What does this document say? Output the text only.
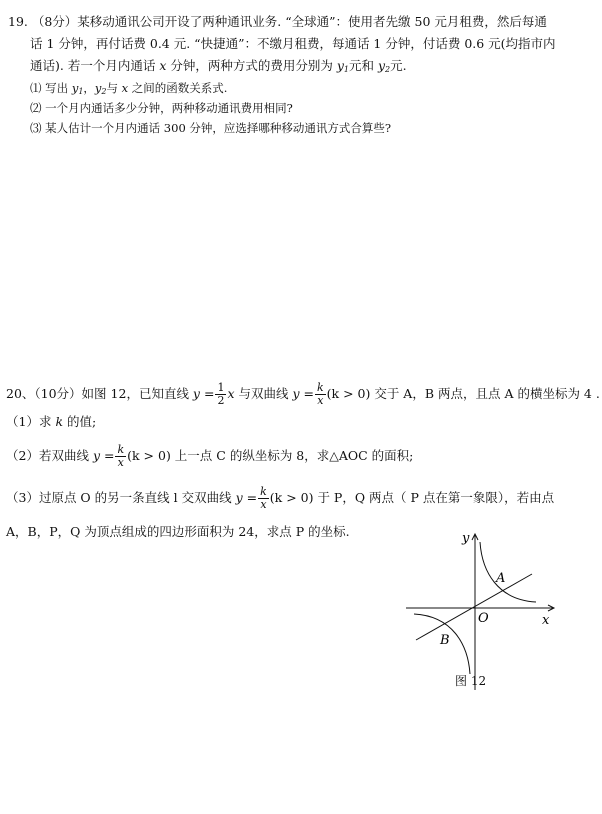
19. （8分）某移动通讯公司开设了两种通讯业务. “全球通”：使用者先缴 50 元月租费，然后每通
话 1 分钟，再付话费 0.4 元. “快捷通”：不缴月租费，每通话 1 分钟，付话费 0.6 元(均指市内
通话). 若一个月内通话 x 分钟，两种方式的费用分别为 $y_1$元和 $y_2$元.
⑴ 写出 $y_1$，$y_2$与 x 之间的函数关系式.
⑵ 一个月内通话多少分钟，两种移动通讯费用相同?
⑶ 某人估计一个月内通话 300 分钟，应选择哪种移动通讯方式合算些?
20、（10分）如图 12，已知直线 $y = \frac{1}{2}$ x 与双曲线 $y = \frac{k}{x} (k > 0)$ 交于 A，B 两点，且点 A 的横坐标为 4 .
（1）求 k 的值;
（2）若双曲线 $y = \frac{k}{x} (k > 0)$ 上一点 C 的纵坐标为 8，求△AOC 的面积;
（3）过原点 O 的另一条直线 l 交双曲线 $y = \frac{k}{x} (k > 0)$ 于 P，Q 两点（ P 点在第一象限），若由点
A，B，P，Q 为顶点组成的四边形面积为 24，求点 P 的坐标.	y
x
O
A
B
图 12
